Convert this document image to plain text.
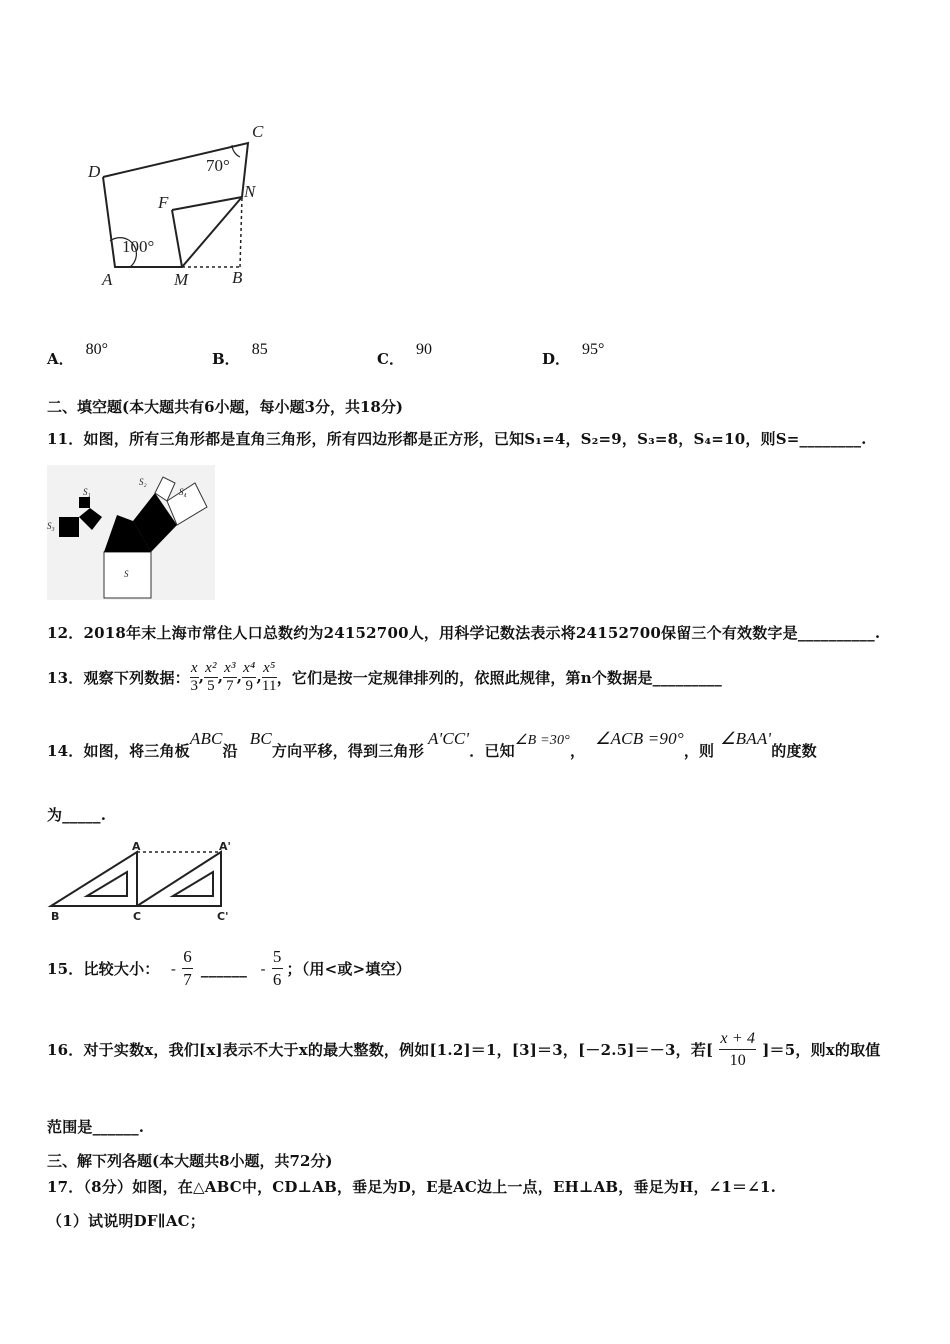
C
D
F
N
A	M	B
70°
100°
A．80°
B．85
C．90
D．95°
二、填空题(本大题共有6小题，每小题3分，共18分)
11．如图，所有三角形都是直角三角形，所有四边形都是正方形，已知S₁=4，S₂=9，S₃=8，S₄=10，则S=________.
S
S₁
S₂
S₃
S₄
12．2018年末上海市常住人口总数约为24152700人，用科学记数法表示将24152700保留三个有效数字是__________.
13．观察下列数据： $\frac{x}{3}$ , $\frac{\text{x²}}{5}$ , $\frac{\text{x³}}{7}$ , $\frac{\text{x⁴}}{9}$ , $\frac{\text{x⁵}}{11}$ ，它们是按一定规律排列的，依照此规律，第n个数据是_________
14．如图，将三角板ABC沿BC方向平移，得到三角形A'CC'．已知∠B =30°，∠ACB =90°，则∠BAA'的度数
为_____.
A	A'
B	C	C'
15．比较大小： - $\frac{6}{7}$ ______ - $\frac{5}{6}$ ；（用<或>填空）
16．对于实数x，我们[x]表示不大于x的最大整数，例如[1.2]＝1，[3]＝3，[－2.5]＝－3，若[ $\frac{x + 4}{10} ]=5$，则x的取值
范围是______.
三、解下列各题(本大题共8小题，共72分)
17．（8分）如图，在△ABC中，CD⊥AB，垂足为D，E是AC边上一点，EH⊥AB，垂足为H，∠1＝∠1.
（1）试说明DF∥AC；
